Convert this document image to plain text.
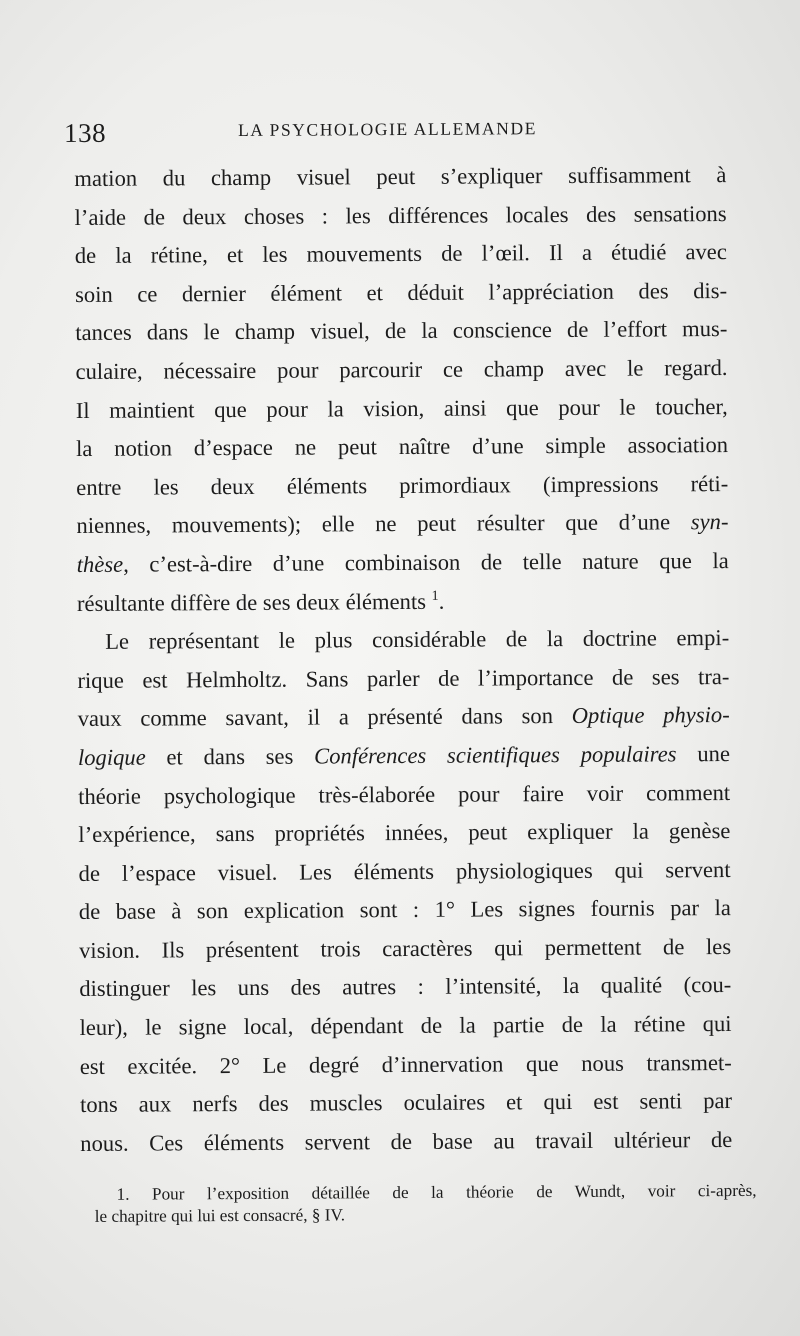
138	LA PSYCHOLOGIE ALLEMANDE
mation du champ visuel peut s’expliquer suffisamment à
l’aide de deux choses : les différences locales des sensations
de la rétine, et les mouvements de l’œil. Il a étudié avec
soin ce dernier élément et déduit l’appréciation des dis-
tances dans le champ visuel, de la conscience de l’effort mus-
culaire, nécessaire pour parcourir ce champ avec le regard.
Il maintient que pour la vision, ainsi que pour le toucher,
la notion d’espace ne peut naître d’une simple association
entre les deux éléments primordiaux (impressions réti-
niennes, mouvements); elle ne peut résulter que d’une syn-
thèse, c’est-à-dire d’une combinaison de telle nature que la
résultante diffère de ses deux éléments $^1$.
Le représentant le plus considérable de la doctrine empi-
rique est Helmholtz. Sans parler de l’importance de ses tra-
vaux comme savant, il a présenté dans son Optique physio-
logique et dans ses Conférences scientifiques populaires une
théorie psychologique très-élaborée pour faire voir comment
l’expérience, sans propriétés innées, peut expliquer la genèse
de l’espace visuel. Les éléments physiologiques qui servent
de base à son explication sont : 1° Les signes fournis par la
vision. Ils présentent trois caractères qui permettent de les
distinguer les uns des autres : l’intensité, la qualité (cou-
leur), le signe local, dépendant de la partie de la rétine qui
est excitée. 2° Le degré d’innervation que nous transmet-
tons aux nerfs des muscles oculaires et qui est senti par
nous. Ces éléments servent de base au travail ultérieur de
1. Pour l’exposition détaillée de la théorie de Wundt, voir ci-après,
le chapitre qui lui est consacré, § IV.
